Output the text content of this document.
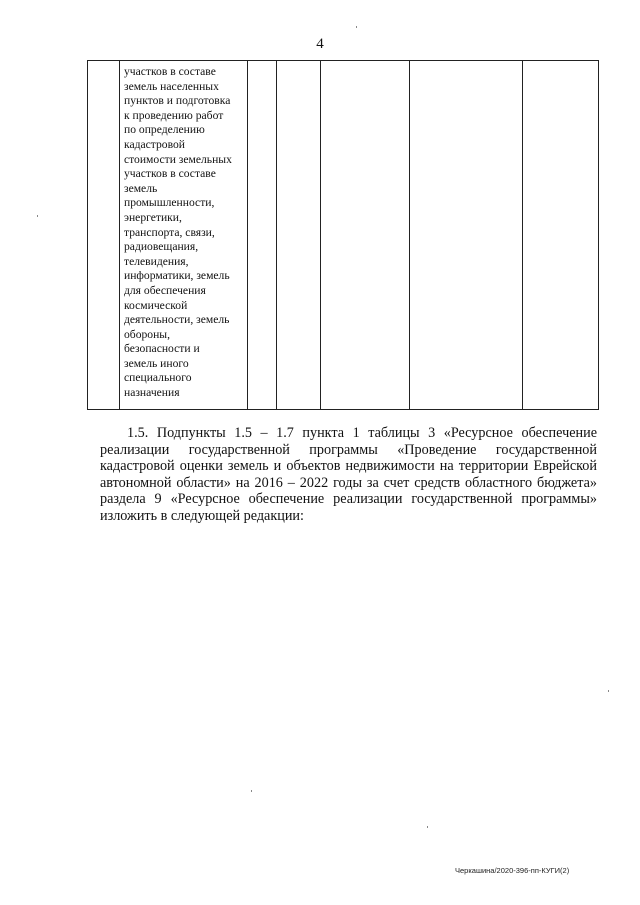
4

участков в составе
земель населенных
пунктов и подготовка
к проведению работ
по определению
кадастровой
стоимости земельных
участков в составе
земель
промышленности,
энергетики,
транспорта, связи,
радиовещания,
телевидения,
информатики, земель
для обеспечения
космической
деятельности, земель
обороны,
безопасности и
земель иного
специального
назначения

1.5. Подпункты 1.5 – 1.7 пункта 1 таблицы 3 «Ресурсное обеспечение реализации государственной программы «Проведение государственной кадастровой оценки земель и объектов недвижимости на территории Еврейской автономной области» на 2016 – 2022 годы за счет средств областного бюджета» раздела 9 «Ресурсное обеспечение реализации государственной программы» изложить в следующей редакции:

Черкашина/2020-396-пп-КУГИ(2)
